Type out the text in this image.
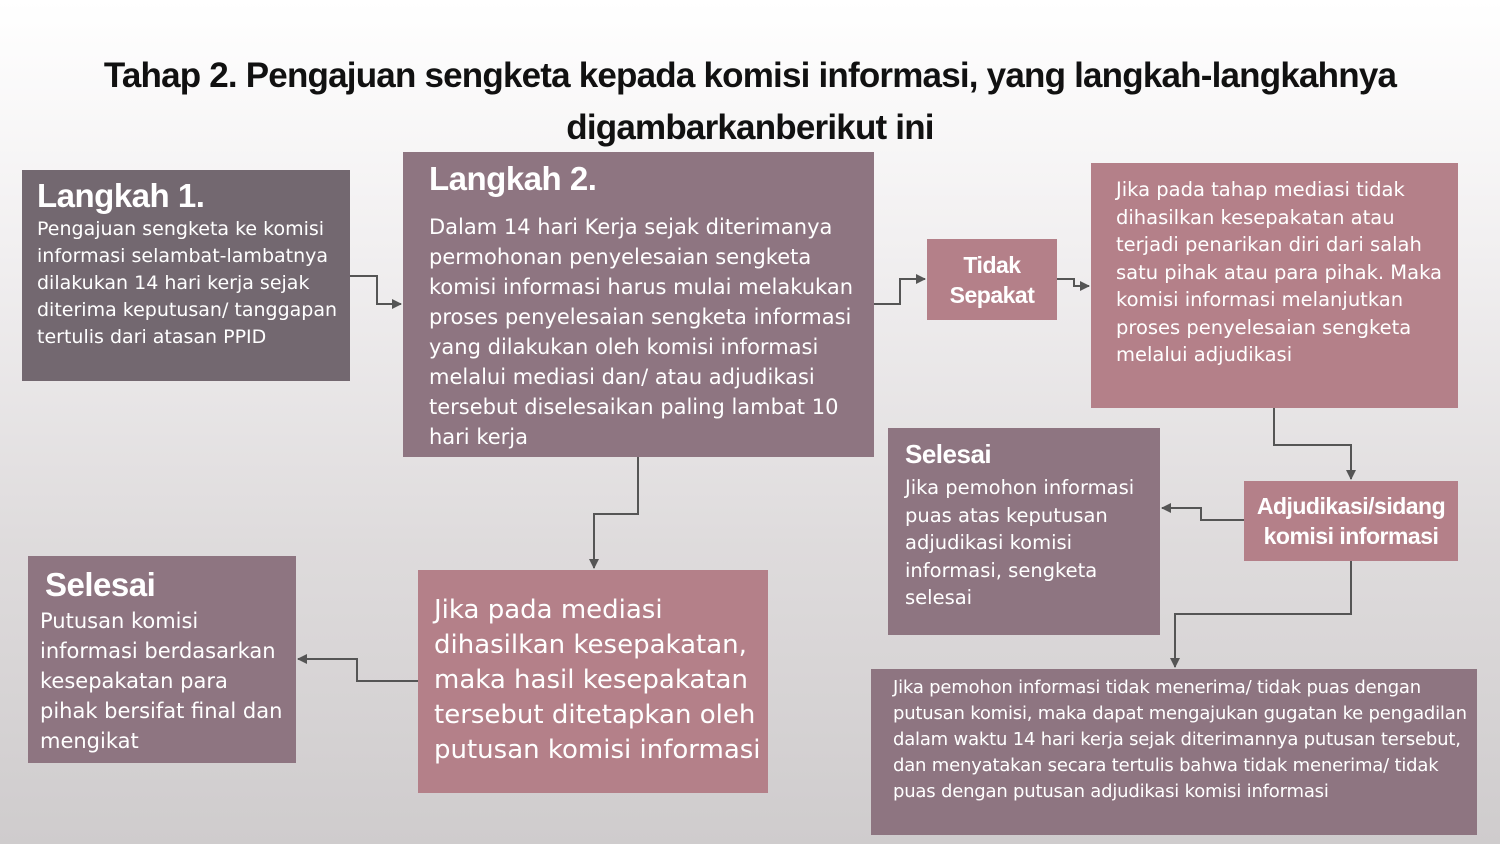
Tahap 2. Pengajuan sengketa kepada komisi informasi, yang langkah-langkahnya digambarkanberikut ini
Langkah 1.
Pengajuan sengketa ke komisi informasi selambat-lambatnya dilakukan 14 hari kerja sejak diterima keputusan/ tanggapan tertulis dari atasan PPID
Langkah 2.
Dalam 14 hari Kerja sejak diterimanya permohonan penyelesaian sengketa komisi informasi harus mulai melakukan proses penyelesaian sengketa informasi yang dilakukan oleh komisi informasi melalui mediasi dan/ atau adjudikasi tersebut diselesaikan paling lambat 10 hari kerja
Tidak Sepakat
Jika pada tahap mediasi tidak dihasilkan kesepakatan atau terjadi penarikan diri dari salah satu pihak atau para pihak. Maka komisi informasi melanjutkan proses penyelesaian sengketa melalui adjudikasi
Selesai
Jika pemohon informasi puas atas keputusan adjudikasi komisi informasi, sengketa selesai
Adjudikasi/sidang komisi informasi
Jika pemohon informasi tidak menerima/ tidak puas dengan putusan komisi, maka dapat mengajukan gugatan ke pengadilan dalam waktu 14 hari kerja sejak diterimannya putusan tersebut, dan menyatakan secara tertulis bahwa tidak menerima/ tidak puas dengan putusan adjudikasi komisi informasi
Selesai
Putusan komisi informasi berdasarkan kesepakatan para pihak bersifat final dan mengikat
Jika pada mediasi dihasilkan kesepakatan, maka hasil kesepakatan tersebut ditetapkan oleh putusan komisi informasi
